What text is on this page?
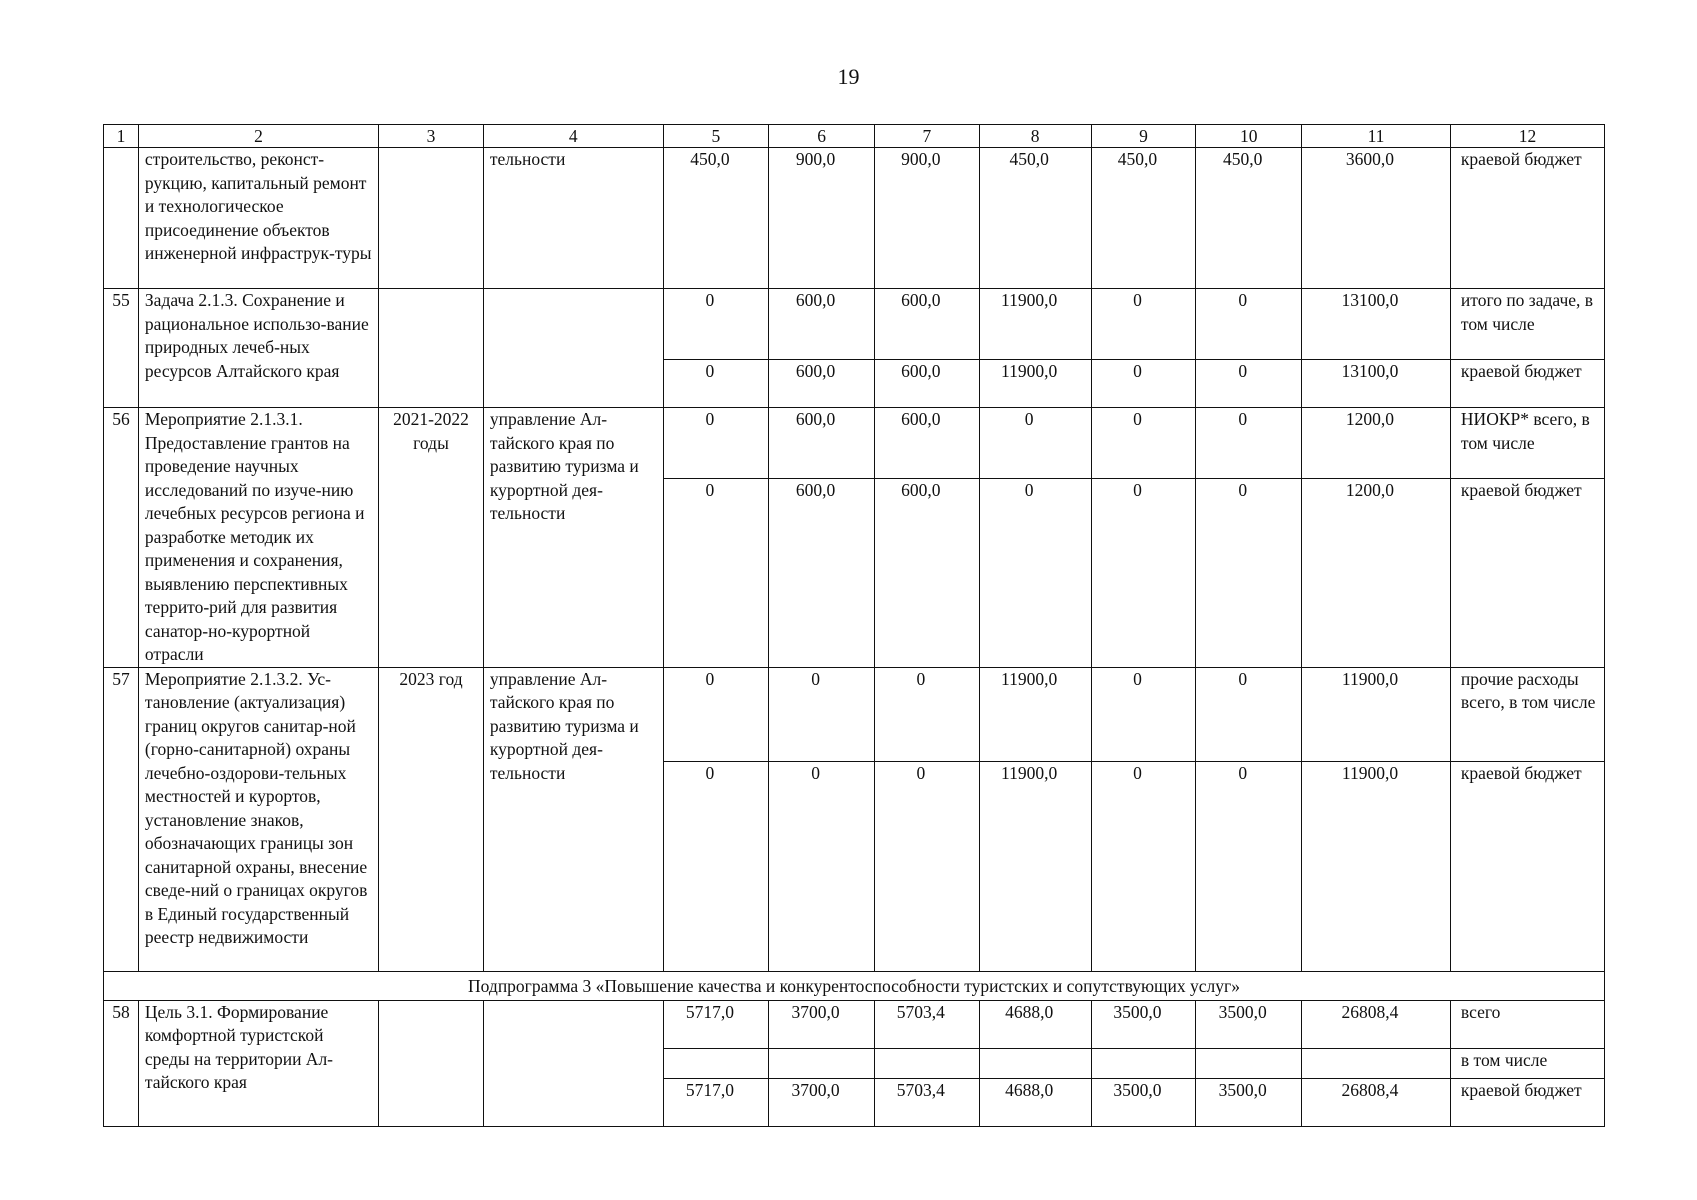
19
1	2	3	4	5	6	7	8	9	10	11	12
	строительство, реконст-рукцию, капитальный ремонт и технологическое присоединение объектов инженерной инфраструк-туры		тельности	450,0	900,0	900,0	450,0	450,0	450,0	3600,0	краевой бюджет
55	Задача 2.1.3. Сохранение и рациональное использо-вание природных лечеб-ных ресурсов Алтайского края			0	600,0	600,0	11900,0	0	0	13100,0	итого по задаче, в том числе
				0	600,0	600,0	11900,0	0	0	13100,0	краевой бюджет
56	Мероприятие 2.1.3.1. Предоставление грантов на проведение научных исследований по изуче-нию лечебных ресурсов региона и разработке методик их применения и сохранения, выявлению перспективных террито-рий для развития санатор-но-курортной отрасли	2021-2022 годы	управление Ал-тайского края по развитию туризма и курортной дея-тельности	0	600,0	600,0	0	0	0	1200,0	НИОКР* всего, в том числе
				0	600,0	600,0	0	0	0	1200,0	краевой бюджет
57	Мероприятие 2.1.3.2. Ус-тановление (актуализация) границ округов санитар-ной (горно-санитарной) охраны лечебно-оздорови-тельных местностей и курортов, установление знаков, обозначающих границы зон санитарной охраны, внесение сведе-ний о границах округов в Единый государственный реестр недвижимости	2023 год	управление Ал-тайского края по развитию туризма и курортной дея-тельности	0	0	0	11900,0	0	0	11900,0	прочие расходы всего, в том числе
				0	0	0	11900,0	0	0	11900,0	краевой бюджет
Подпрограмма 3 «Повышение качества и конкурентоспособности туристских и сопутствующих услуг»											
58	Цель 3.1. Формирование комфортной туристской среды на территории Ал-тайского края			5717,0	3700,0	5703,4	4688,0	3500,0	3500,0	26808,4	всего
											в том числе
				5717,0	3700,0	5703,4	4688,0	3500,0	3500,0	26808,4	краевой бюджет
